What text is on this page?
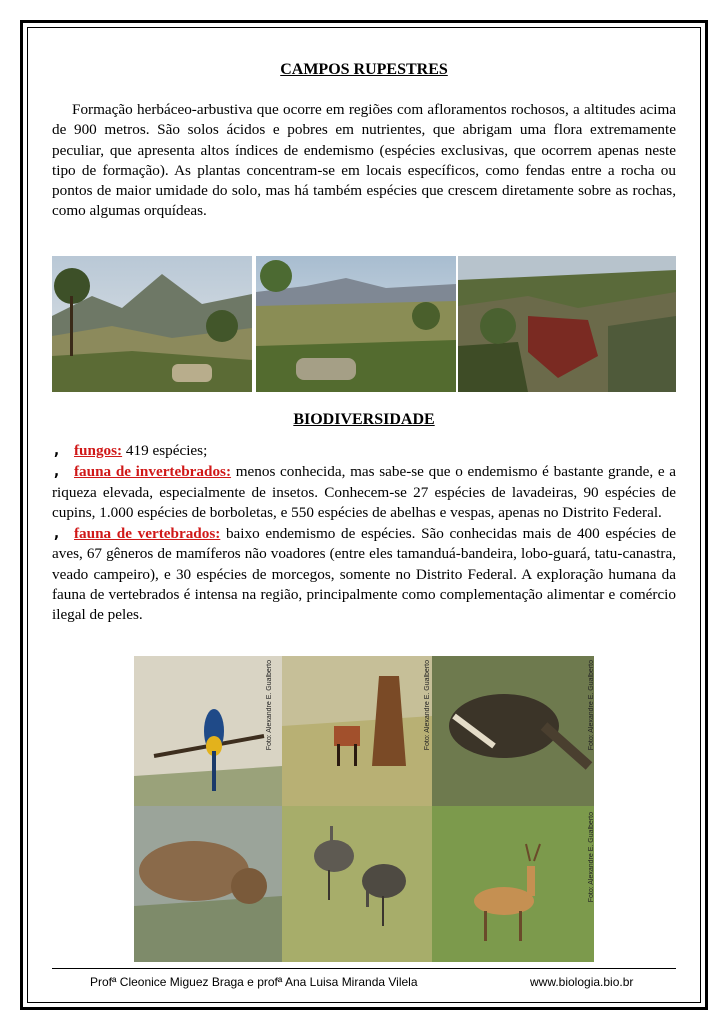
CAMPOS RUPESTRES
Formação herbáceo-arbustiva que ocorre em regiões com afloramentos rochosos, a altitudes acima de 900 metros. São solos ácidos e pobres em nutrientes, que abrigam uma flora extremamente peculiar, que apresenta altos índices de endemismo (espécies exclusivas, que ocorrem apenas neste tipo de formação). As plantas concentram-se em locais específicos, como fendas entre a rocha ou pontos de maior umidade do solo, mas há também espécies que crescem diretamente sobre as rochas, como algumas orquídeas.
BIODIVERSIDADE

, fungos: 419 espécies;

, fauna de invertebrados: menos conhecida, mas sabe-se que o endemismo é bastante grande, e a riqueza elevada, especialmente de insetos. Conhecem-se 27 espécies de lavadeiras, 90 espécies de cupins, 1.000 espécies de borboletas, e 550 espécies de abelhas e vespas, apenas no Distrito Federal.

, fauna de vertebrados: baixo endemismo de espécies. São conhecidas mais de 400 espécies de aves, 67 gêneros de mamíferos não voadores (entre eles tamanduá-bandeira, lobo-guará, tatu-canastra, veado campeiro), e 30 espécies de morcegos, somente no Distrito Federal. A exploração humana da fauna de vertebrados é intensa na região, principalmente como complementação alimentar e comércio ilegal de peles.

Foto: Alexandre E. Gualberto	Foto: Alexandre E. Gualberto	Foto: Alexandre E. Gualberto
Foto: Alexandre E. Gualberto
Profª Cleonice Miguez Braga e profª Ana Luisa Miranda Vilela	www.biologia.bio.br
